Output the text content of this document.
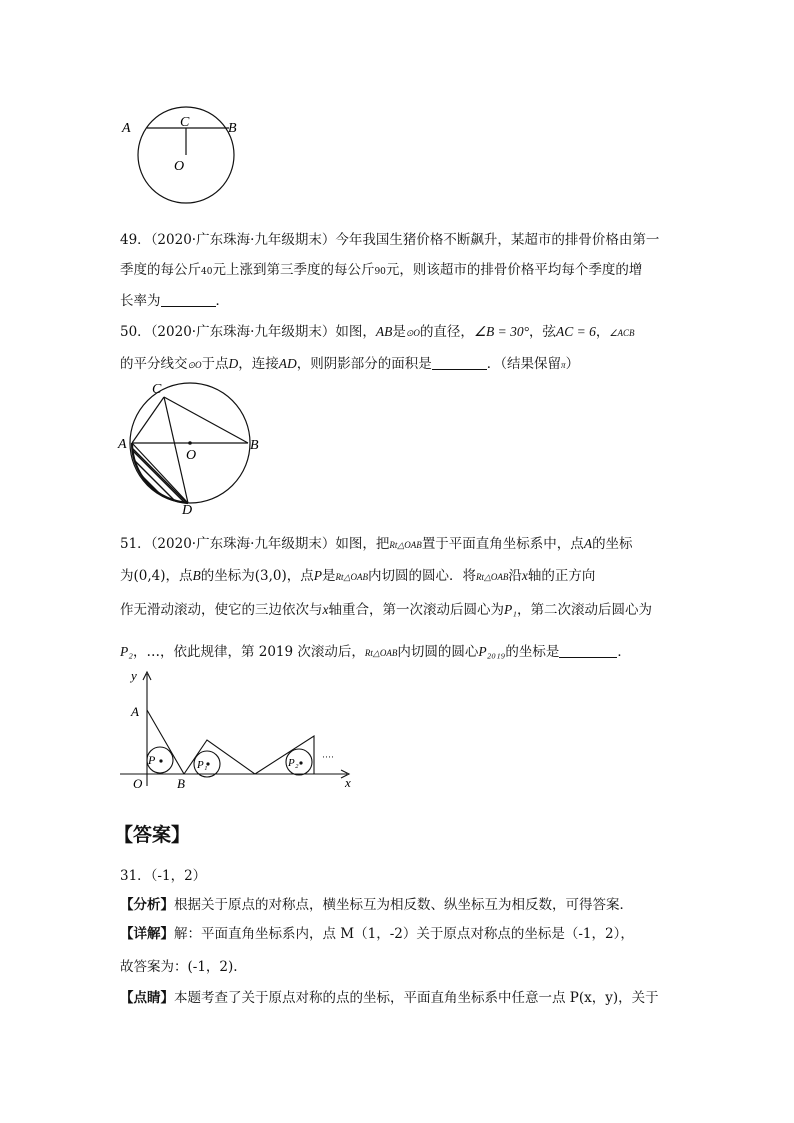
A	B
C
O
49．（2020·广东珠海·九年级期末）今年我国生猪价格不断飙升，某超市的排骨价格由第一
季度的每公斤40元上涨到第三季度的每公斤90元，则该超市的排骨价格平均每个季度的增
长率为	．
50．（2020·广东珠海·九年级期末）如图，AB是⊙O的直径，∠B = 30°，弦AC = 6，∠ACB
的平分线交⊙O于点D，连接AD，则阴影部分的面积是	．（结果保留π）
A	B
C
O
D
51．（2020·广东珠海·九年级期末）如图，把Rt△OAB置于平面直角坐标系中，点A的坐标
为(0,4)，点B的坐标为(3,0)，点P是Rt△OAB内切圆的圆心．将Rt△OAB沿x轴的正方向
作无滑动滚动，使它的三边依次与x轴重合，第一次滚动后圆心为P₁，第二次滚动后圆心为
P₂，…，依此规律，第 2019 次滚动后，Rt△OAB内切圆的圆心P₂₀₁₉的坐标是	．
y
x
A
O	B
P	P₁	P₂	····
【答案】
31．（-1，2）
【分析】根据关于原点的对称点，横坐标互为相反数、纵坐标互为相反数，可得答案．
【详解】解：平面直角坐标系内，点 M（1，-2）关于原点对称点的坐标是（-1，2），
故答案为：(-1，2).
【点睛】本题考查了关于原点对称的点的坐标，平面直角坐标系中任意一点 P(x，y)，关于
